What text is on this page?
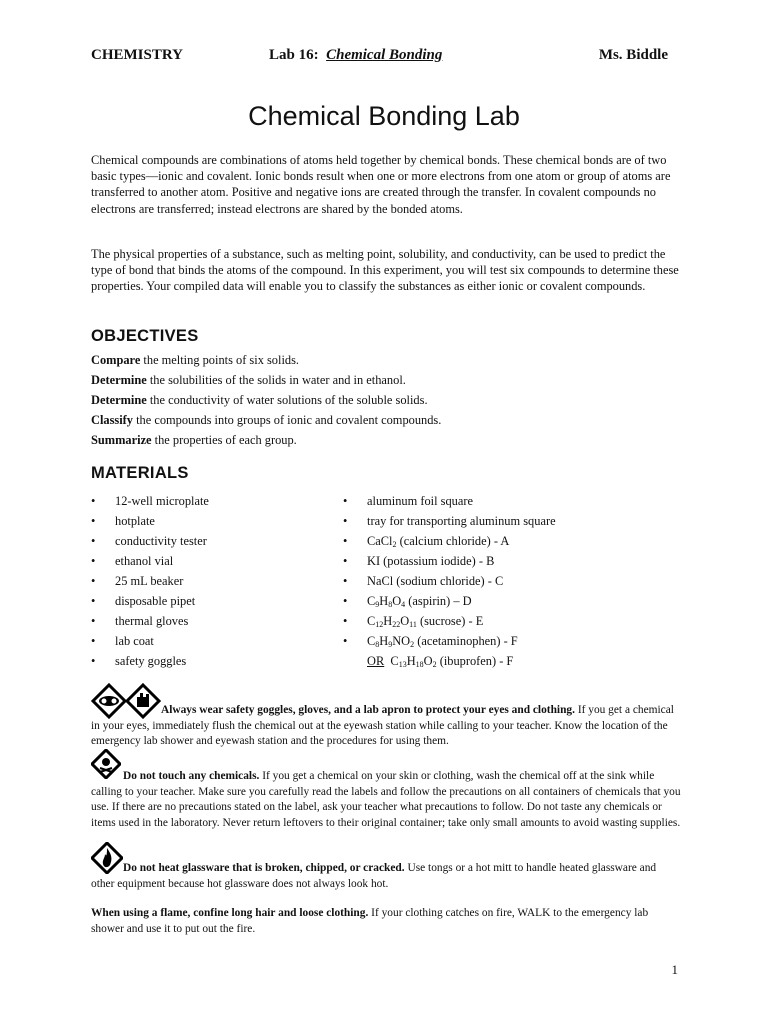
CHEMISTRY	Lab 16: Chemical Bonding	Ms. Biddle
Chemical Bonding Lab

Chemical compounds are combinations of atoms held together by chemical bonds. These chemical bonds are of two basic types—ionic and covalent. Ionic bonds result when one or more electrons from one atom or group of atoms are transferred to another atom. Positive and negative ions are created through the transfer. In covalent compounds no electrons are transferred; instead electrons are shared by the bonded atoms.

The physical properties of a substance, such as melting point, solubility, and conductivity, can be used to predict the type of bond that binds the atoms of the compound. In this experiment, you will test six compounds to determine these properties. Your compiled data will enable you to classify the substances as either ionic or covalent compounds.

OBJECTIVES
Compare the melting points of six solids.
Determine the solubilities of the solids in water and in ethanol.
Determine the conductivity of water solutions of the soluble solids.
Classify the compounds into groups of ionic and covalent compounds.
Summarize the properties of each group.
MATERIALS
• 12-well microplate
• hotplate
• conductivity tester
• ethanol vial
• 25 mL beaker
• disposable pipet
• thermal gloves
• lab coat
• safety goggles
• aluminum foil square
• tray for transporting aluminum square
• CaCl$_2$ (calcium chloride) - A
• KI (potassium iodide) - B
• NaCl (sodium chloride) - C
• $C_9H_8O_4$ (aspirin) – D
• $C_{12}H_{22}O_{11}$ (sucrose) - E
• $C_8H_9NO_2$ (acetaminophen) - F
OR  $C_{13}H_{18}O_2$ (ibuprofen) - F

Always wear safety goggles, gloves, and a lab apron to protect your eyes and clothing. If you get a chemical in your eyes, immediately flush the chemical out at the eyewash station while calling to your teacher. Know the location of the emergency lab shower and eyewash station and the procedures for using them.

Do not touch any chemicals. If you get a chemical on your skin or clothing, wash the chemical off at the sink while calling to your teacher. Make sure you carefully read the labels and follow the precautions on all containers of chemicals that you use. If there are no precautions stated on the label, ask your teacher what precautions to follow. Do not taste any chemicals or items used in the laboratory. Never return leftovers to their original container; take only small amounts to avoid wasting supplies.

Do not heat glassware that is broken, chipped, or cracked. Use tongs or a hot mitt to handle heated glassware and other equipment because hot glassware does not always look hot.

When using a flame, confine long hair and loose clothing. If your clothing catches on fire, WALK to the emergency lab shower and use it to put out the fire.

1
